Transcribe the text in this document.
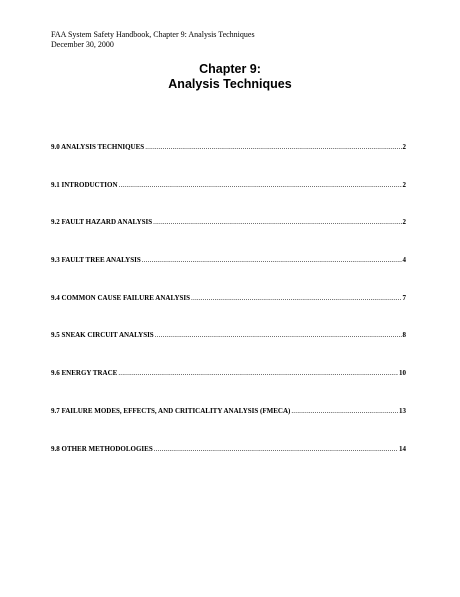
FAA System Safety Handbook, Chapter 9: Analysis Techniques
December 30, 2000
Chapter 9:
Analysis Techniques
9.0 ANALYSIS TECHNIQUES .....	2
9.1 INTRODUCTION .....	2
9.2 FAULT HAZARD ANALYSIS .....	2
9.3 FAULT TREE ANALYSIS .....	4
9.4 COMMON CAUSE FAILURE ANALYSIS .....	7
9.5 SNEAK CIRCUIT ANALYSIS .....	8
9.6 ENERGY TRACE .....	10
9.7 FAILURE MODES, EFFECTS, AND CRITICALITY ANALYSIS (FMECA) .....	13
9.8 OTHER METHODOLOGIES .....	14
